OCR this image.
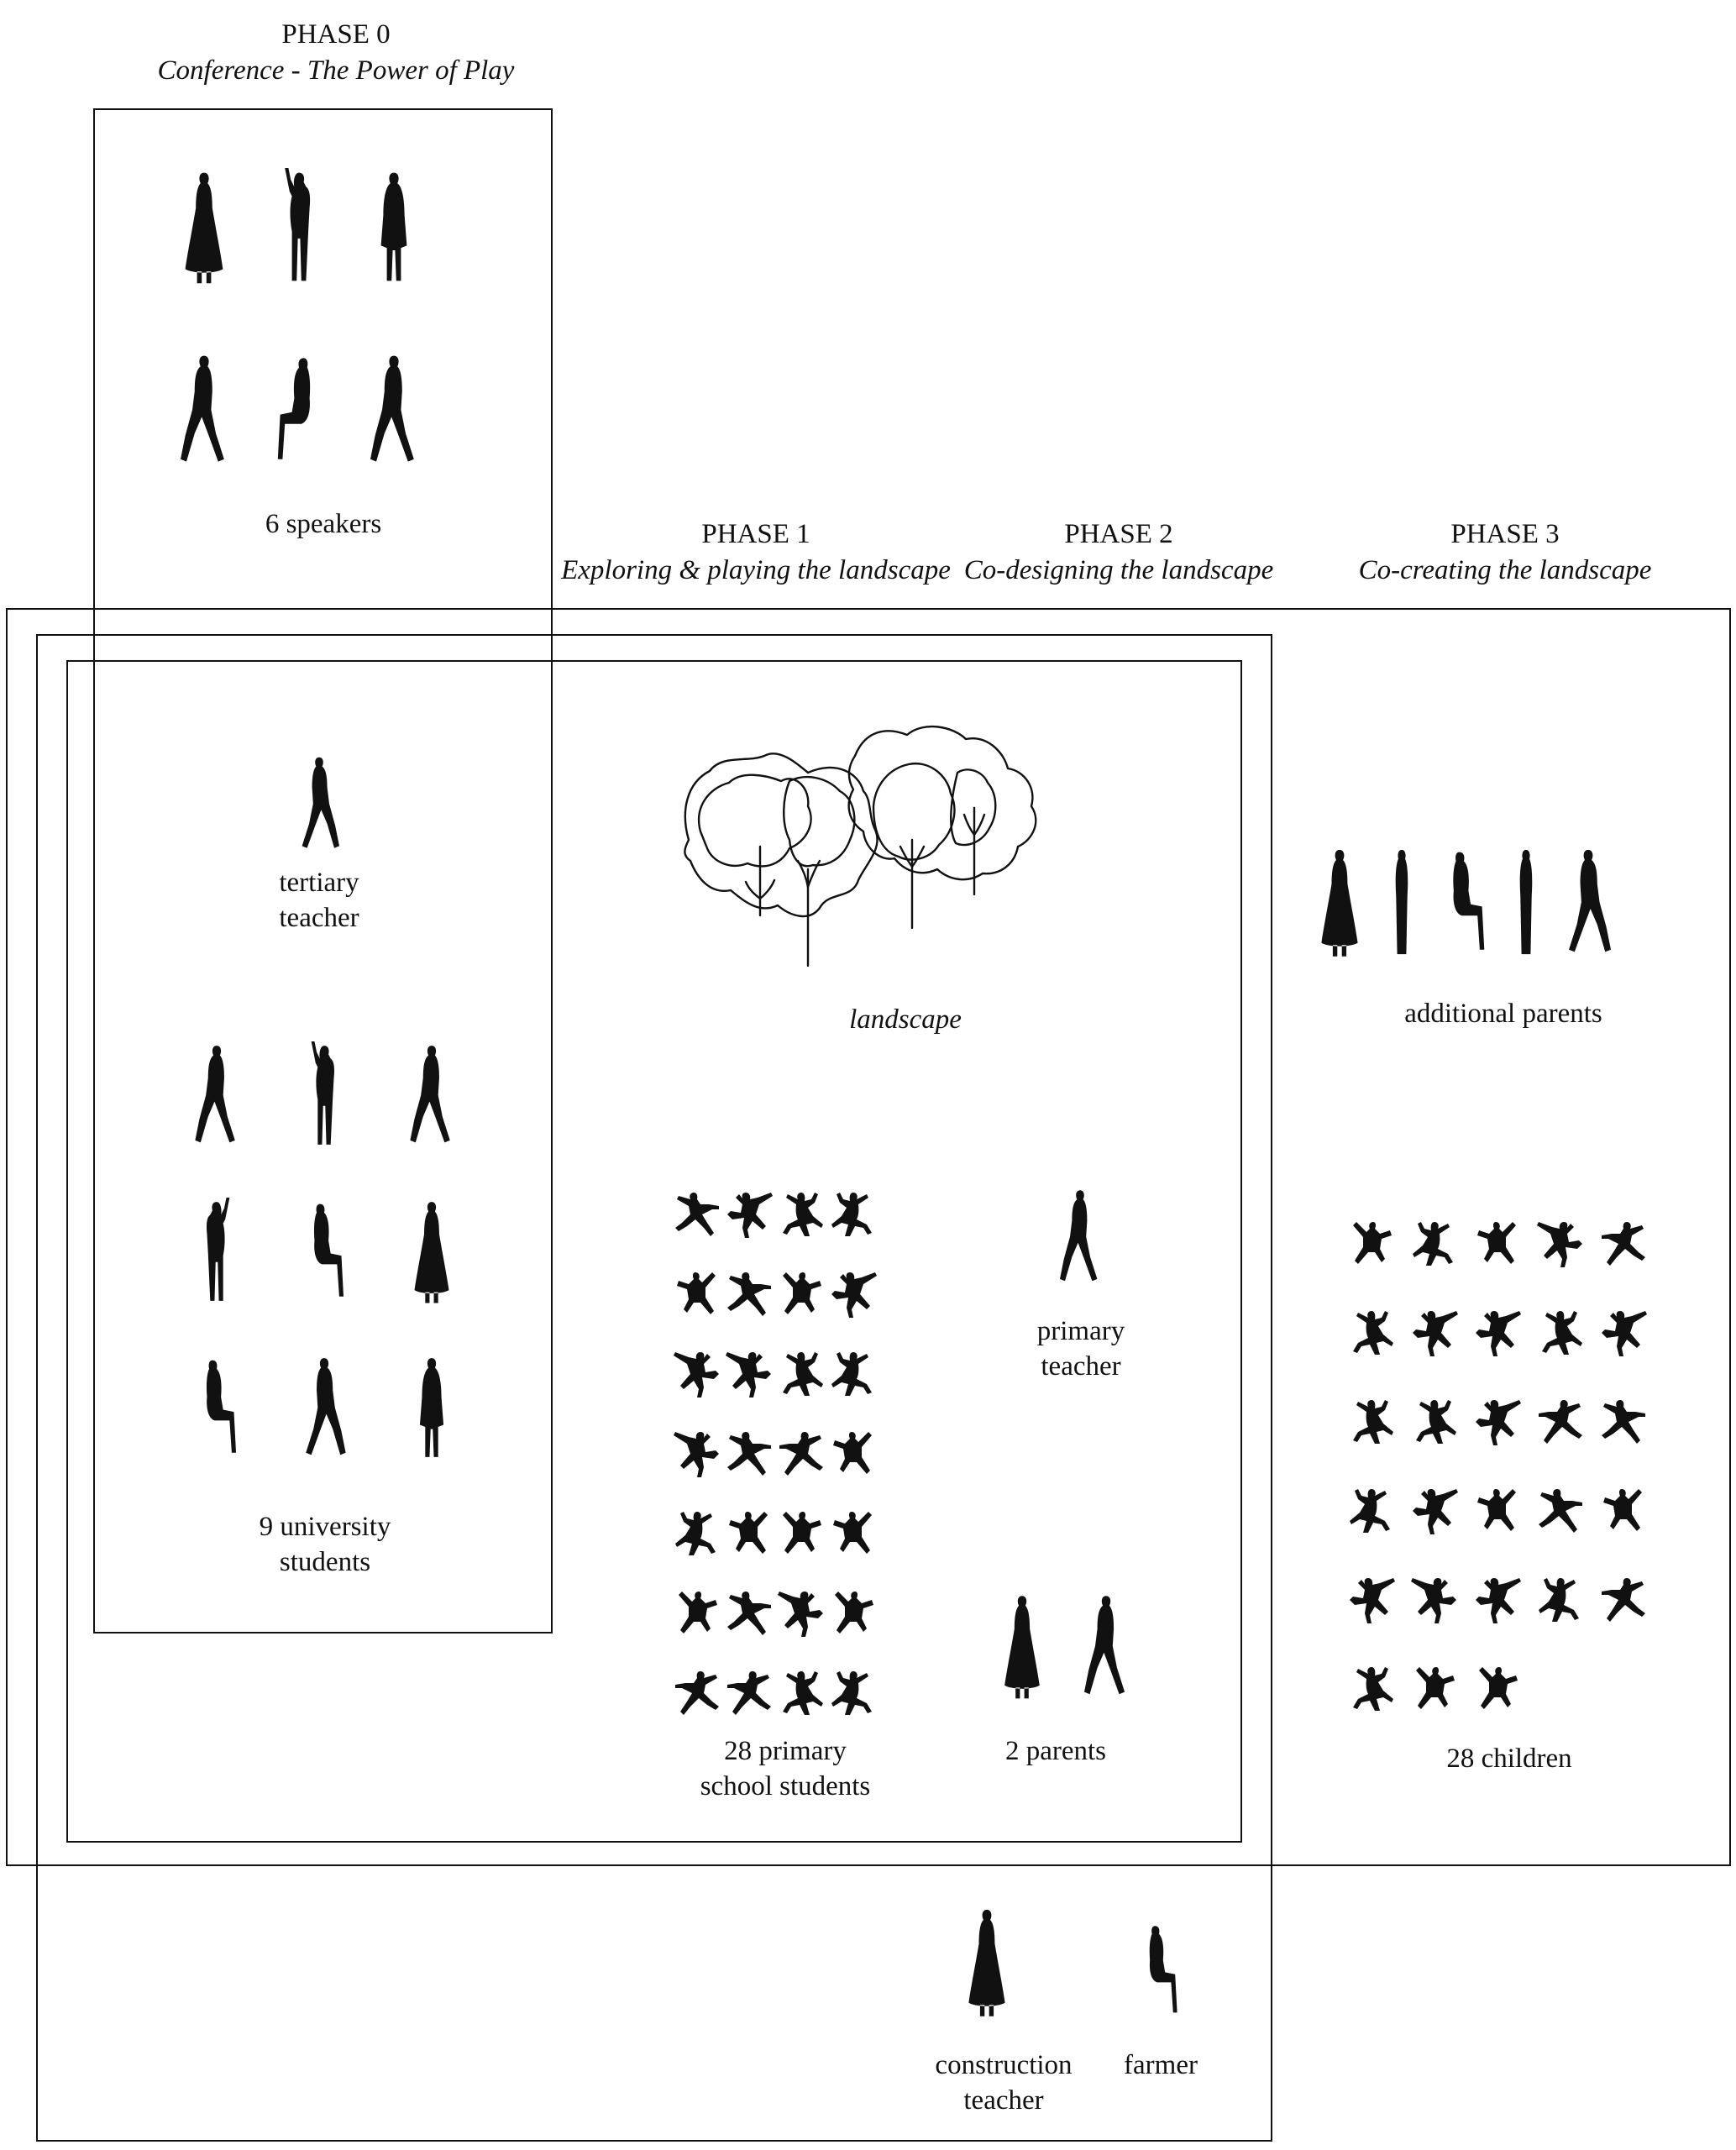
PHASE 0
Conference - The Power of Play
PHASE 1
Exploring & playing the landscape
PHASE 2
Co-designing the landscape
PHASE 3
Co-creating the landscape
6 speakers
tertiary
teacher
9 university
students
landscape
28 primary
school students
primary
teacher
2 parents
additional parents
28 children
construction
teacher
farmer
